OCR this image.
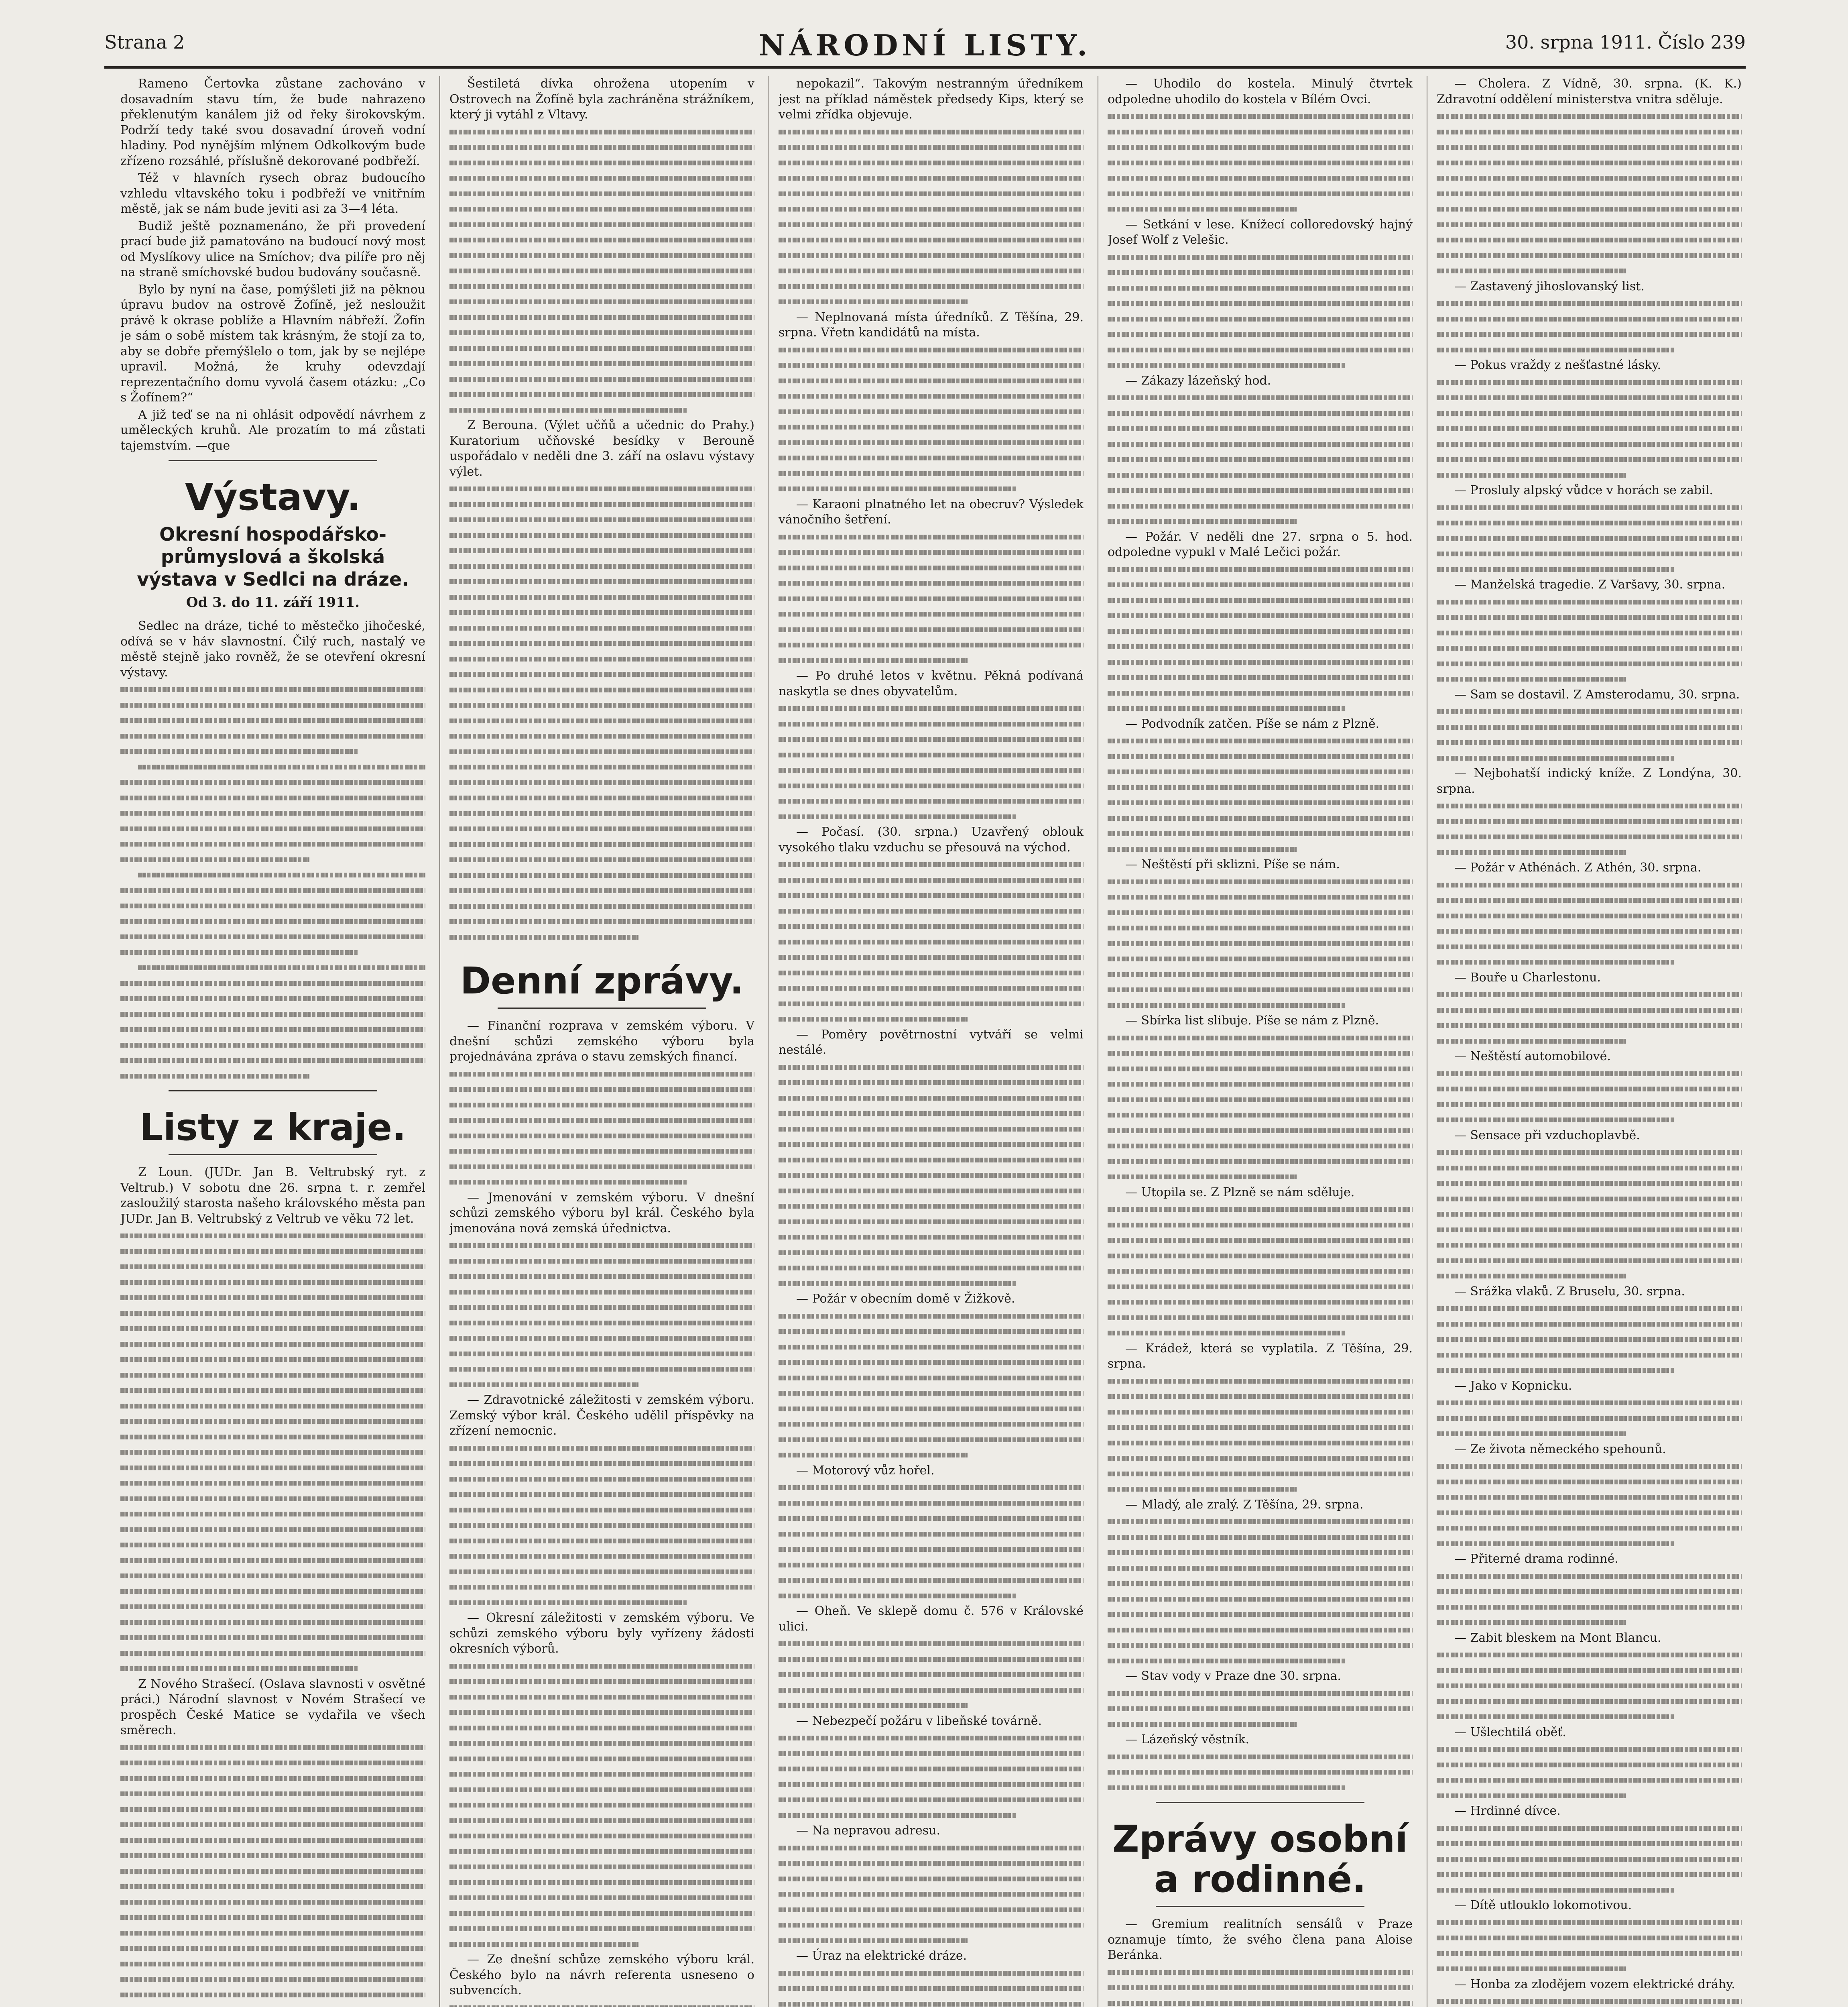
Strana 2	NÁRODNÍ LISTY.	30. srpna 1911. Číslo 239

Rameno Čertovka zůstane zachováno v dosavadním stavu tím, že bude nahrazeno překlenutým kanálem již od řeky širokovským. Podrží tedy také svou dosavadní úroveň vodní hladiny. Pod nynějším mlýnem Odkolkovým bude zřízeno rozsáhlé, příslušně dekorované podbřeží.

Též v hlavních rysech obraz budoucího vzhledu vltavského toku i podbřeží ve vnitřním městě, jak se nám bude jeviti asi za 3—4 léta.

Budiž ještě poznamenáno, že při provedení prací bude již pamatováno na budoucí nový most od Myslíkovy ulice na Smíchov; dva pilíře pro něj na straně smíchovské budou budovány současně.

Bylo by nyní na čase, pomýšleti již na pěknou úpravu budov na ostrově Žofíně, jež nesloužit právě k okrase poblíže a Hlavním nábřeží. Žofín je sám o sobě místem tak krásným, že stojí za to, aby se dobře přemýšlelo o tom, jak by se nejlépe upravil. Možná, že kruhy odevzdají reprezentačního domu vyvolá časem otázku: „Co s Žofínem?“

A již teď se na ni ohlásit odpovědí návrhem z uměleckých kruhů. Ale prozatím to má zůstati tajemstvím. —que

Výstavy.
Okresní hospodářsko-průmyslová a školská výstava v Sedlci na dráze.
Od 3. do 11. září 1911.

Sedlec na dráze, tiché to městečko jihočeské, odívá se v háv slavnostní. Čilý ruch, nastalý ve městě stejně jako rovněž, že se otevření okresní výstavy.

Listy z kraje.

Z Loun. (JUDr. Jan B. Veltrubský ryt. z Veltrub.) V sobotu dne 26. srpna t. r. zemřel zasloužilý starosta našeho královského města pan JUDr. Jan B. Veltrubský z Veltrub ve věku 72 let.

Z Nového Strašecí. (Oslava slavnosti v osvětné práci.) Národní slavnost v Novém Strašecí ve prospěch České Matice se vydařila ve všech směrech.

Šestiletá dívka ohrožena utopením v Ostrovech na Žofíně byla zachráněna strážníkem, který ji vytáhl z Vltavy.

Z Berouna. (Výlet učňů a učednic do Prahy.) Kuratorium učňovské besídky v Berouně uspořádalo v neděli dne 3. září na oslavu výstavy výlet.

Denní zprávy.

— Finanční rozprava v zemském výboru. V dnešní schůzi zemského výboru byla projednávána zpráva o stavu zemských financí.

— Jmenování v zemském výboru. V dnešní schůzi zemského výboru byl král. Českého byla jmenována nová zemská úřednictva.

— Zdravotnické záležitosti v zemském výboru. Zemský výbor král. Českého udělil příspěvky na zřízení nemocnic.

— Okresní záležitosti v zemském výboru. Ve schůzi zemského výboru byly vyřízeny žádosti okresních výborů.

— Ze dnešní schůze zemského výboru král. Českého bylo na návrh referenta usneseno o subvencích.

nepokazil“. Takovým nestranným úředníkem jest na příklad náměstek předsedy Kips, který se velmi zřídka objevuje.

— Neplnovaná místa úředníků. Z Těšína, 29. srpna. Vřetn kandidátů na místa.

— Karaoni plnatného let na obecruv? Výsledek vánočního šetření.

— Po druhé letos v květnu. Pěkná podívaná naskytla se dnes obyvatelům.

— Počasí. (30. srpna.) Uzavřený oblouk vysokého tlaku vzduchu se přesouvá na východ.

— Poměry povětrnostní vytváří se velmi nestálé.

— Požár v obecním domě v Žižkově.

— Motorový vůz hořel.

— Oheň. Ve sklepě domu č. 576 v Královské ulici.

— Nebezpečí požáru v libeňské továrně.

— Na nepravou adresu.

— Úraz na elektrické dráze.

— Uhodilo do kostela. Minulý čtvrtek odpoledne uhodilo do kostela v Bílém Ovci.

— Setkání v lese. Knížecí colloredovský hajný Josef Wolf z Velešic.

— Zákazy lázeňský hod.

— Požár. V neděli dne 27. srpna o 5. hod. odpoledne vypukl v Malé Lečici požár.

— Podvodník zatčen. Píše se nám z Plzně.

— Neštěstí při sklizni. Píše se nám.

— Sbírka list slibuje. Píše se nám z Plzně.

— Utopila se. Z Plzně se nám sděluje.

— Krádež, která se vyplatila. Z Těšína, 29. srpna.

— Mladý, ale zralý. Z Těšína, 29. srpna.

— Stav vody v Praze dne 30. srpna.

— Lázeňský věstník.

Zprávy osobní a rodinné.

— Gremium realitních sensálů v Praze oznamuje tímto, že svého člena pana Aloise Beránka.

— Cholera. Z Vídně, 30. srpna. (K. K.) Zdravotní oddělení ministerstva vnitra sděluje.

— Zastavený jihoslovanský list.

— Pokus vraždy z nešťastné lásky.

— Prosluly alpský vůdce v horách se zabil.

— Manželská tragedie. Z Varšavy, 30. srpna.

— Sam se dostavil. Z Amsterodamu, 30. srpna.

— Nejbohatší indický kníže. Z Londýna, 30. srpna.

— Požár v Athénách. Z Athén, 30. srpna.

— Bouře u Charlestonu.

— Neštěstí automobilové.

— Sensace při vzduchoplavbě.

— Srážka vlaků. Z Bruselu, 30. srpna.

— Jako v Kopnicku.

— Ze života německého spehounů.

— Přiterné drama rodinné.

— Zabit bleskem na Mont Blancu.

— Ušlechtilá oběť.

— Hrdinné dívce.

— Dítě utlouklo lokomotivou.

— Honba za zlodějem vozem elektrické dráhy.
